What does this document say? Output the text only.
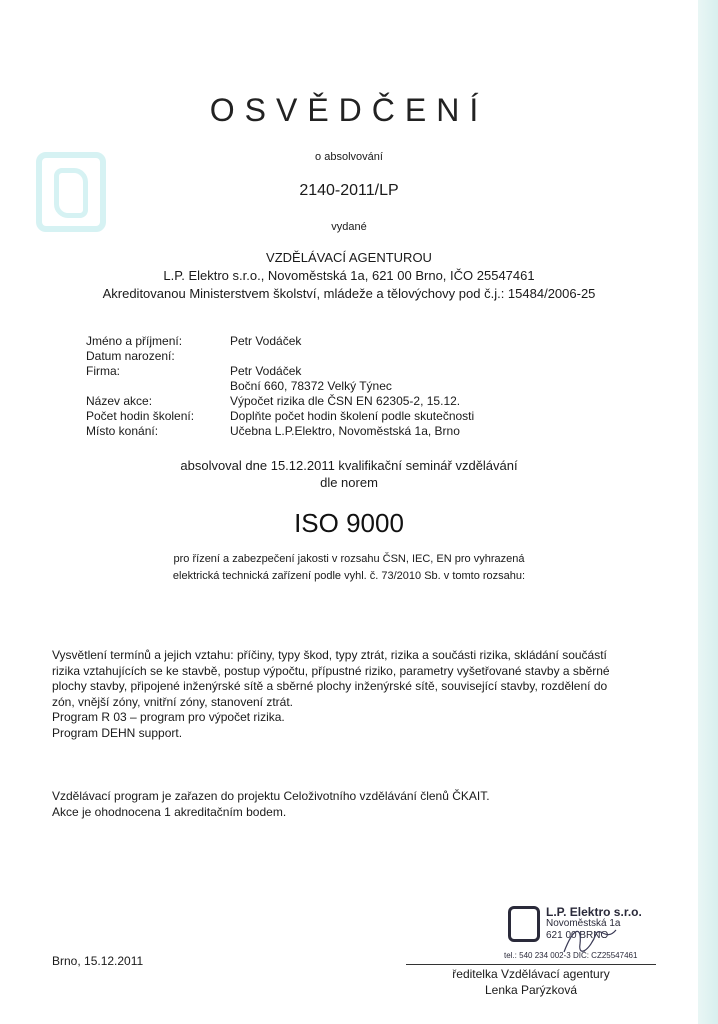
OSVĚDČENÍ
o absolvování
2140-2011/LP
vydané
VZDĚLÁVACÍ AGENTUROU
L.P. Elektro s.r.o., Novoměstská 1a, 621 00 Brno, IČO 25547461
Akreditovanou Ministerstvem školství, mládeže a tělovýchovy pod č.j.: 15484/2006-25
Jméno a příjmení:	Petr Vodáček
Datum narození:
Firma:	Petr Vodáček
Boční 660, 78372 Velký Týnec
Název akce:	Výpočet rizika dle ČSN EN 62305-2, 15.12.
Počet hodin školení:	Doplňte počet hodin školení podle skutečnosti
Místo konání:	Učebna L.P.Elektro, Novoměstská 1a, Brno
absolvoval dne 15.12.2011 kvalifikační seminář vzdělávání
dle norem
ISO 9000
pro řízení a zabezpečení jakosti v rozsahu ČSN, IEC, EN pro vyhrazená
elektrická technická zařízení podle vyhl. č. 73/2010 Sb. v tomto rozsahu:
Vysvětlení termínů a jejich vztahu: příčiny, typy škod, typy ztrát, rizika a součásti rizika, skládání součástí
rizika vztahujících se ke stavbě, postup výpočtu, přípustné riziko, parametry vyšetřované stavby a sběrné
plochy stavby, připojené inženýrské sítě a sběrné plochy inženýrské sítě, související stavby, rozdělení do
zón, vnější zóny, vnitřní zóny, stanovení ztrát.
Program R 03 – program pro výpočet rizika.
Program DEHN support.
Vzdělávací program je zařazen do projektu Celoživotního vzdělávání členů ČKAIT.
Akce je ohodnocena 1 akreditačním bodem.
Brno, 15.12.2011
L.P. Elektro s.r.o.
Novoměstská 1a
621 00 BRNO
tel.: 540 234 002-3 DIČ: CZ25547461
ředitelka Vzdělávací agentury
Lenka Parýzková
